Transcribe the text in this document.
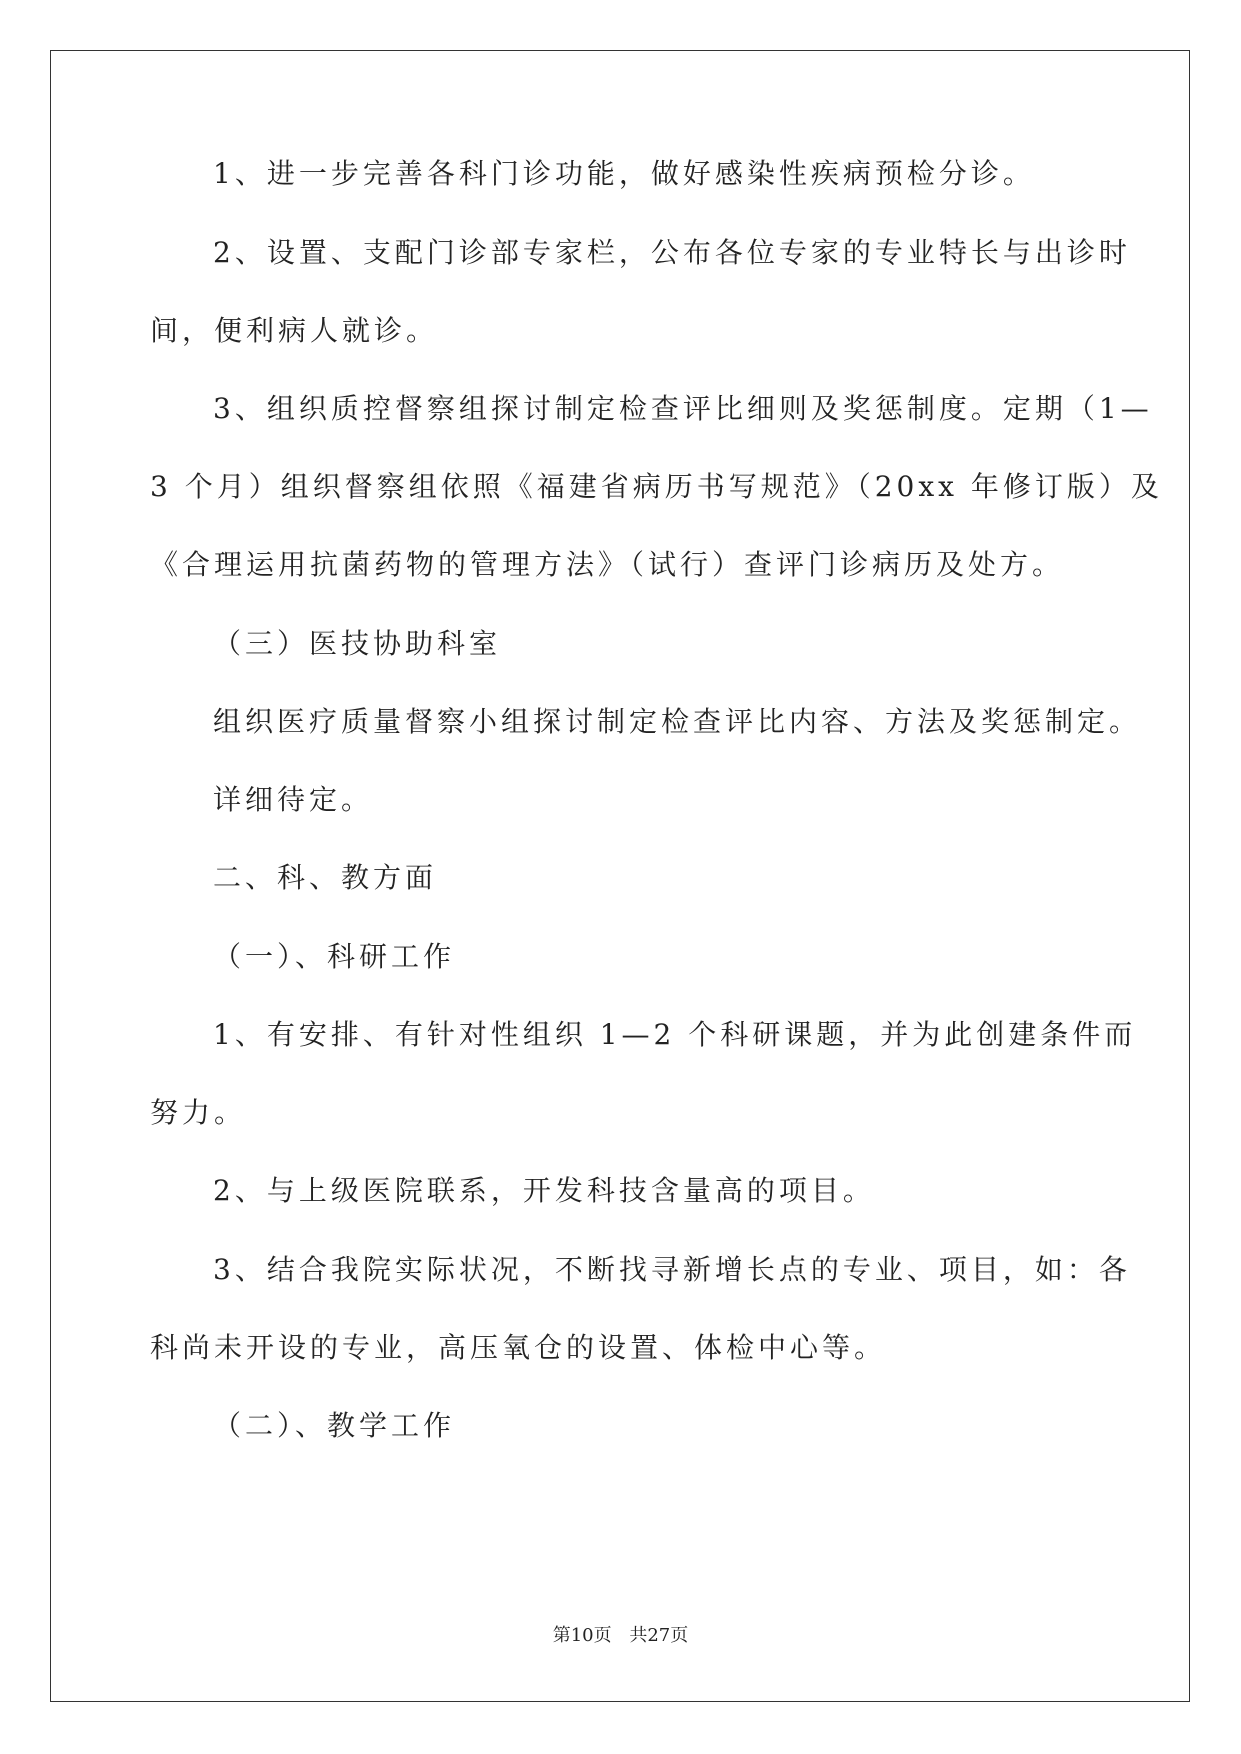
1、进一步完善各科门诊功能，做好感染性疾病预检分诊。
2、设置、支配门诊部专家栏，公布各位专家的专业特长与出诊时
间，便利病人就诊。
3、组织质控督察组探讨制定检查评比细则及奖惩制度。定期（1—
3 个月）组织督察组依照《福建省病历书写规范》（20xx 年修订版）及
《合理运用抗菌药物的管理方法》（试行）查评门诊病历及处方。
（三）医技协助科室
组织医疗质量督察小组探讨制定检查评比内容、方法及奖惩制定。
详细待定。
二、科、教方面
（一）、科研工作
1、有安排、有针对性组织 1—2 个科研课题，并为此创建条件而
努力。
2、与上级医院联系，开发科技含量高的项目。
3、结合我院实际状况，不断找寻新增长点的专业、项目，如：各
科尚未开设的专业，高压氧仓的设置、体检中心等。
（二）、教学工作
第10页 共27页
